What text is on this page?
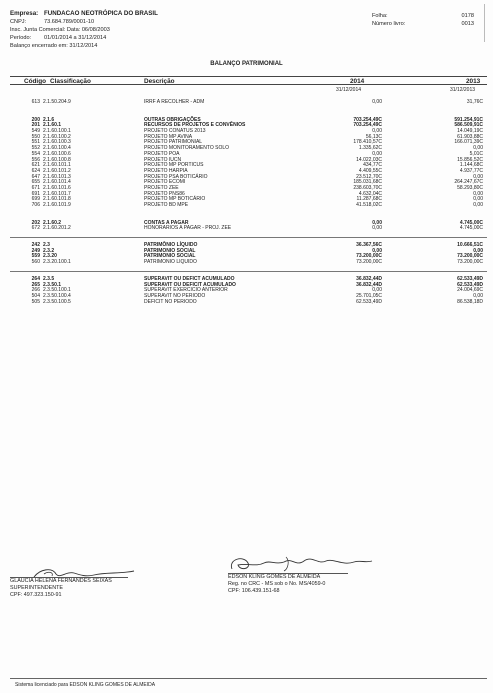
Empresa: FUNDACAO NEOTRÓPICA DO BRASIL
CNPJ:	73.684.789/0001-10
Insc. Junta Comercial: Data: 06/08/2003
Período:	01/01/2014 a 31/12/2014
Balanço encerrado em: 31/12/2014
Folha:	0178
Número livro:	0013
BALANÇO PATRIMONIAL
Código Classificação	Descrição	2014	2013
31/12/2014	31/12/2013
613 2.1.50.204.9	IRRF A RECOLHER - ADM	0,00	31,76C
200 2.1.6	OUTRAS OBRIGAÇÕES	703.254,49C	591.254,91C
201 2.1.60.1	RECURSOS DE PROJETOS E CONVÊNIOS	703.254,49C	586.509,91C
549 2.1.60.100.1	PROJETO CONATUS 2013	0,00	14.049,19C
550 2.1.60.100.2	PROJETO MP AVINA	56,13C	61.903,88C
551 2.1.60.100.3	PROJETO PATRIMONIAL	178.410,57C	166.071,39C
552 2.1.60.100.4	PROJETO MONITORAMENTO SOLO	1.335,62C	0,00
554 2.1.60.100.6	PROJETO POA	0,00	5,01C
556 2.1.60.100.8	PROJETO IUCN	14.022,03C	15.856,52C
621 2.1.60.101.1	PROJETO MP PORTICUS	434,77C	1.144,68C
624 2.1.60.101.2	PROJETO HARPIA	4.409,55C	4.937,77C
647 2.1.60.101.3	PROJETO PSA BOTICÁRIO	23.512,70C	0,00
655 2.1.60.101.4	PROJETO ECOMI	185.031,68C	264.247,67C
671 2.1.60.101.6	PROJETO ZEE	238.603,70C	58.293,80C
691 2.1.60.101.7	PROJETO PNS86	4.632,04C	0,00
699 2.1.60.101.8	PROJETO MP BOTICÁRIO	11.287,68C	0,00
706 2.1.60.101.9	PROJETO BD MPE	41.518,02C	0,00
202 2.1.60.2	CONTAS A PAGAR	0,00	4.745,00C
672 2.1.60.201.2	HONORARIOS A PAGAR - PROJ. ZEE	0,00	4.745,00C
242 2.3	PATRIMÔNIO LÍQUIDO	36.367,56C	10.666,51C
249 2.3.2	PATRIMONIO SOCIAL	0,00	0,00
559 2.3.20	PATRIMONIO SOCIAL	73.200,00C	73.200,00C
560 2.3.20.100.1	PATRIMONIO LIQUIDO	73.200,00C	73.200,00C
264 2.3.5	SUPERAVIT OU DEFICT ACUMULADO	36.832,44D	62.533,49D
265 2.3.50.1	SUPERAVIT OU DEFICIT ACUMULADO	36.832,44D	62.533,49D
266 2.3.50.100.1	SUPERAVIT EXERCICIO ANTERIOR	0,00	24.004,69C
504 2.3.50.100.4	SUPERAVIT NO PERIODO	25.701,05C	0,00
505 2.3.50.100.5	DEFICIT NO PERIODO	62.533,49D	86.538,18D
GLAUCIA HELENA FERNANDES SEIXAS
SUPERINTENDENTE
CPF: 497.323.150-91
EDSON KLING GOMES DE ALMEIDA
Reg. no CRC - MS sob o No. MS/4059-0
CPF: 106.439.151-68
Sistema licenciado para EDSON KLING GOMES DE ALMEIDA
